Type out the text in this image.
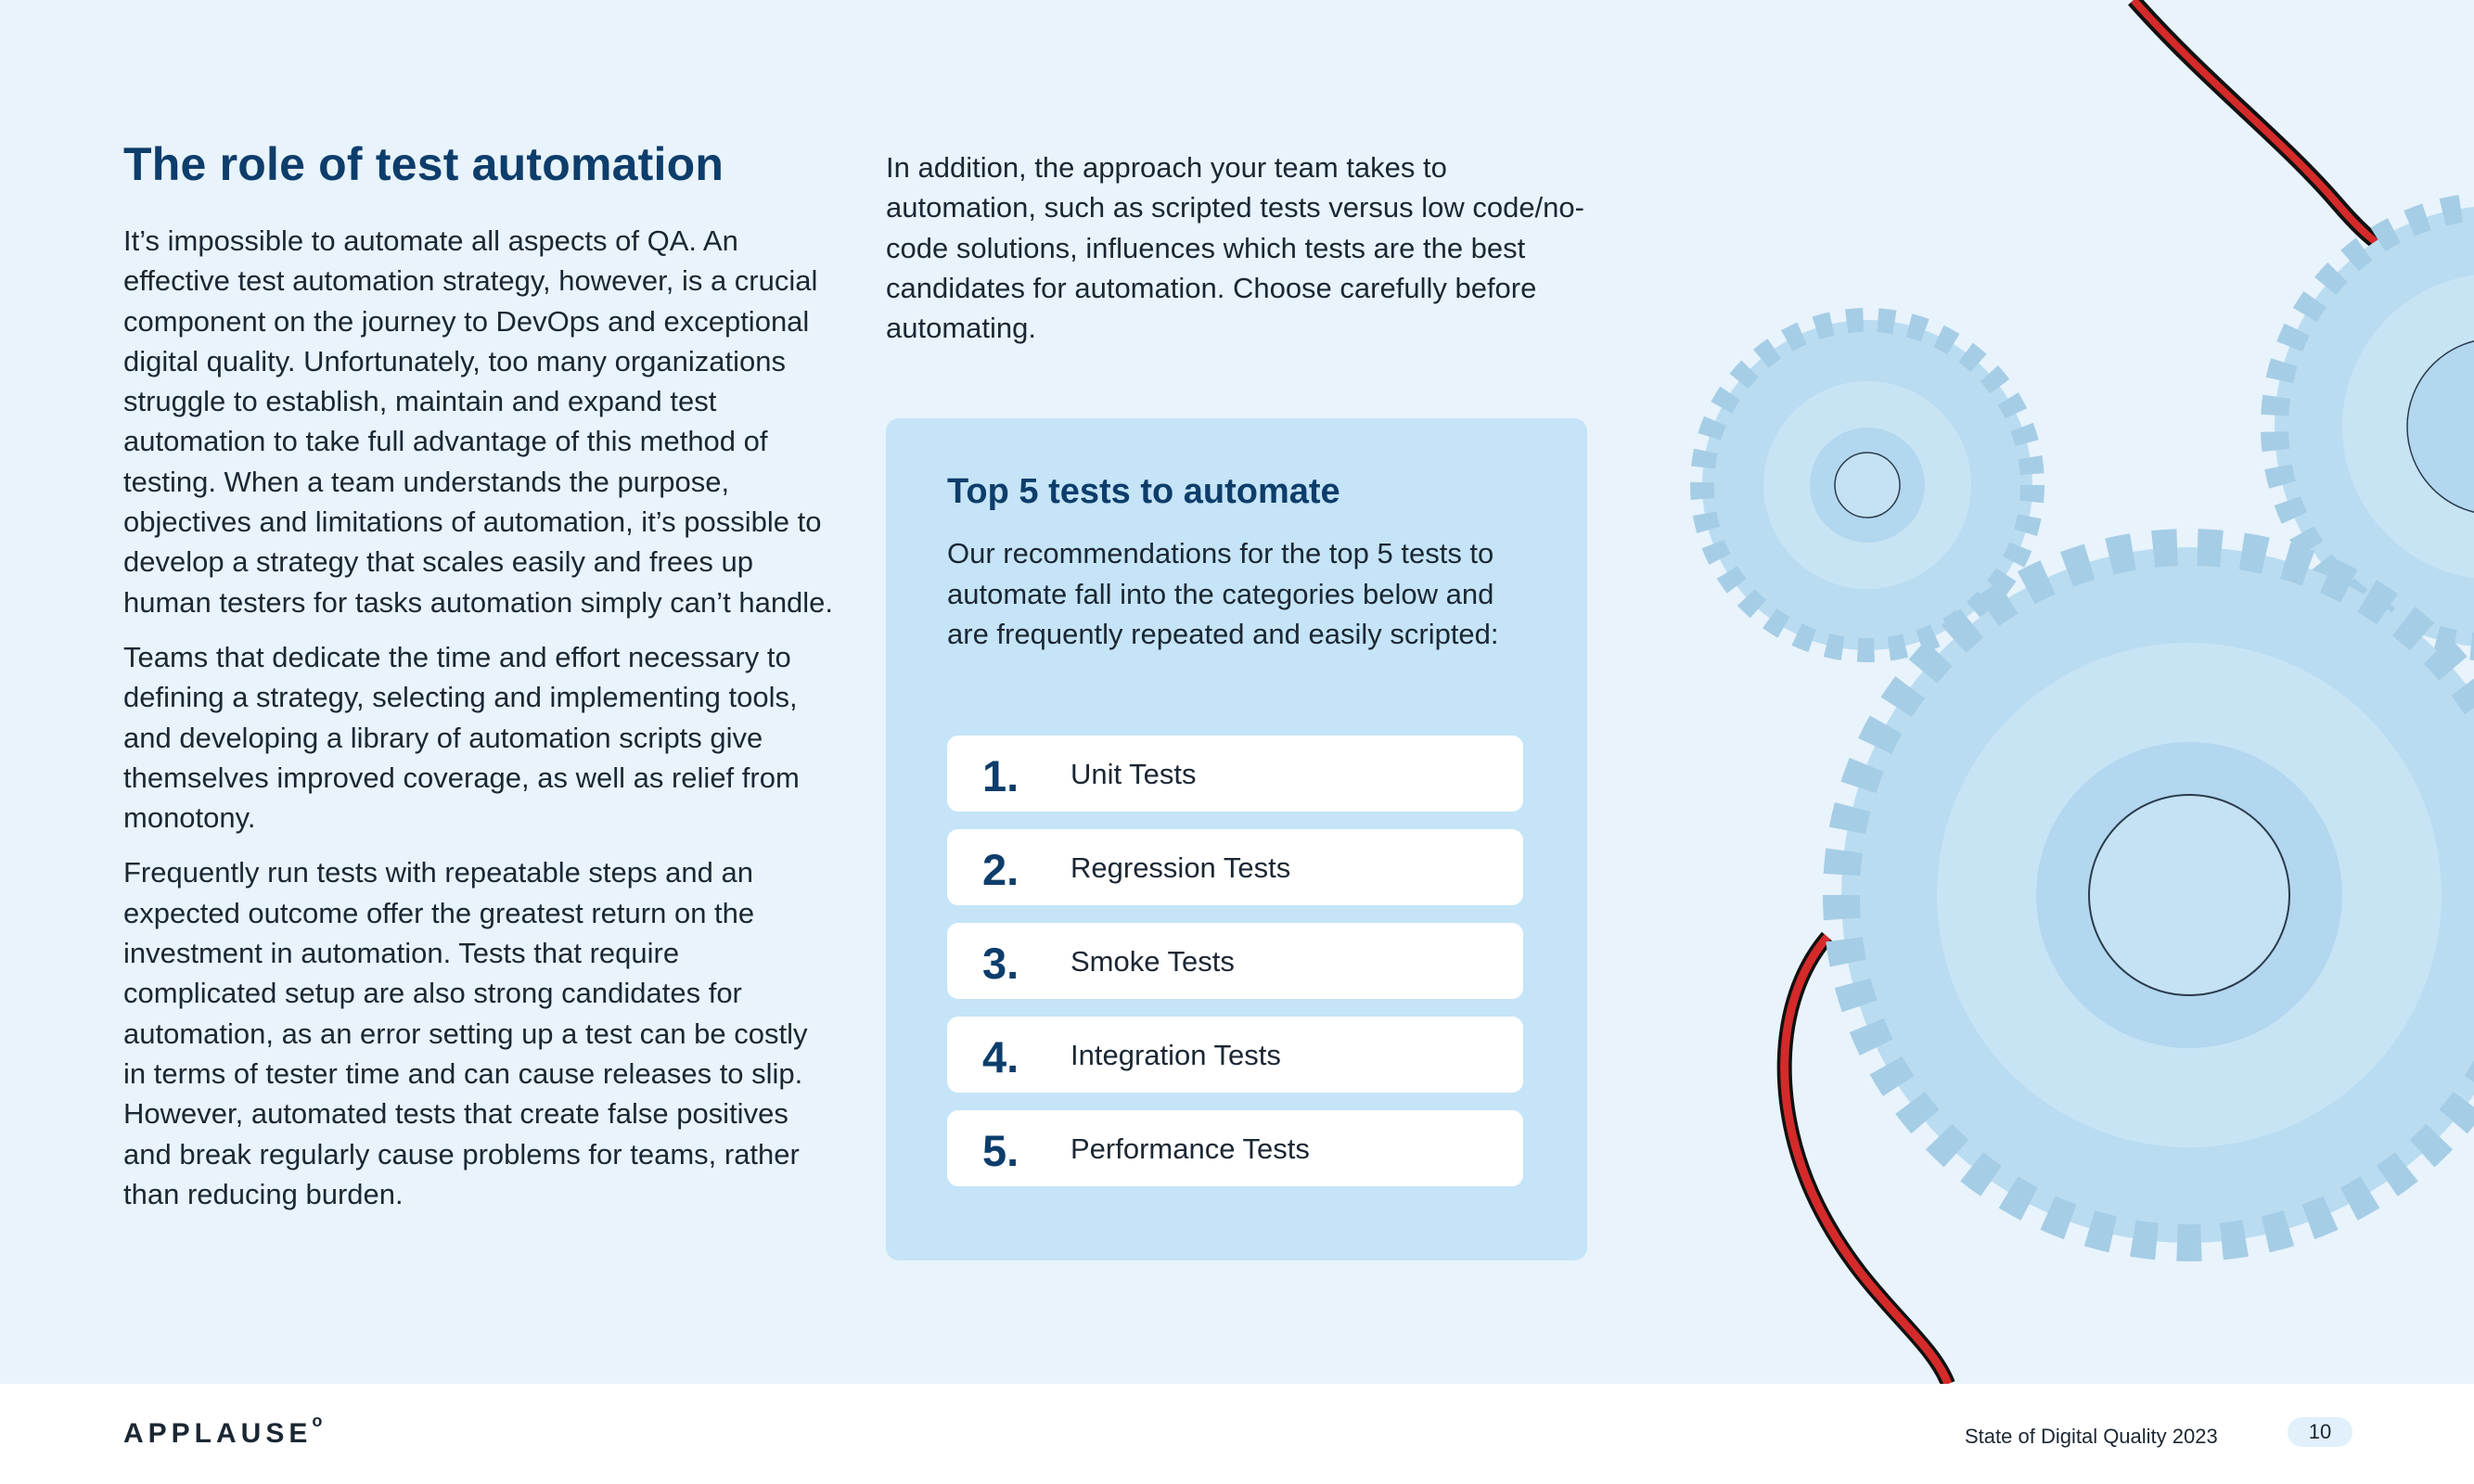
The role of test automation

It’s impossible to automate all aspects of QA. An effective test automation strategy, however, is a crucial component on the journey to DevOps and exceptional digital quality. Unfortunately, too many organizations struggle to establish, maintain and expand test automation to take full advantage of this method of testing. When a team understands the purpose, objectives and limitations of automation, it’s possible to develop a strategy that scales easily and frees up human testers for tasks automation simply can’t handle.

Teams that dedicate the time and effort necessary to defining a strategy, selecting and implementing tools, and developing a library of automation scripts give themselves improved coverage, as well as relief from monotony.

Frequently run tests with repeatable steps and an expected outcome offer the greatest return on the investment in automation. Tests that require complicated setup are also strong candidates for automation, as an error setting up a test can be costly in terms of tester time and can cause releases to slip. However, automated tests that create false positives and break regularly cause problems for teams, rather than reducing burden.

In addition, the approach your team takes to automation, such as scripted tests versus low code/no-code solutions, influences which tests are the best candidates for automation. Choose carefully before automating.

Top 5 tests to automate

Our recommendations for the top 5 tests to automate fall into the categories below and are frequently repeated and easily scripted:

1. Unit Tests
2. Regression Tests
3. Smoke Tests
4. Integration Tests
5. Performance Tests
APPLAUSE$^o$
State of Digital Quality 2023	10
